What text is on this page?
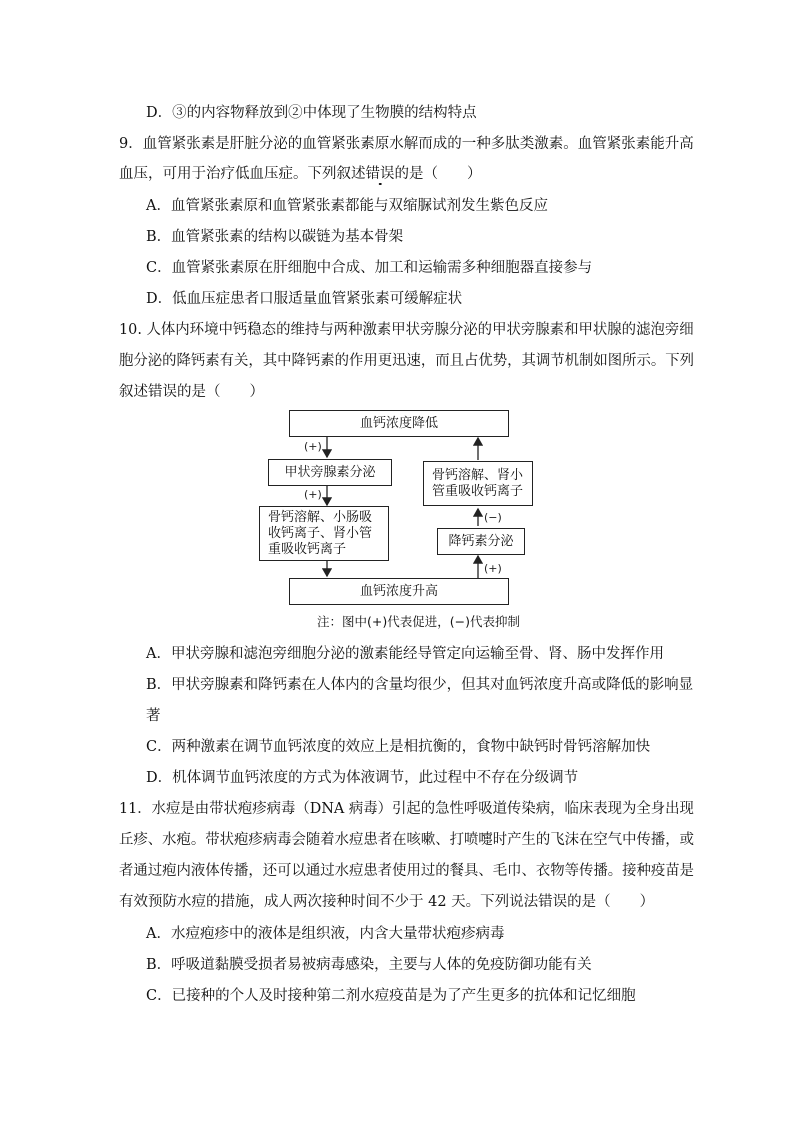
D．③的内容物释放到②中体现了生物膜的结构特点
9．血管紧张素是肝脏分泌的血管紧张素原水解而成的一种多肽类激素。血管紧张素能升高
血压，可用于治疗低血压症。下列叙述错误的是（　　）
A．血管紧张素原和血管紧张素都能与双缩脲试剂发生紫色反应
B．血管紧张素的结构以碳链为基本骨架
C．血管紧张素原在肝细胞中合成、加工和运输需多种细胞器直接参与
D．低血压症患者口服适量血管紧张素可缓解症状
10. 人体内环境中钙稳态的维持与两种激素甲状旁腺分泌的甲状旁腺素和甲状腺的滤泡旁细
胞分泌的降钙素有关，其中降钙素的作用更迅速，而且占优势，其调节机制如图所示。下列
叙述错误的是（　　）
血钙浓度降低
甲状旁腺素分泌
骨钙溶解、小肠吸
收钙离子、肾小管
重吸收钙离子
血钙浓度升高
降钙素分泌
骨钙溶解、肾小
管重吸收钙离子
(+)
(+)
(−)
(+)
注：图中(+)代表促进，(−)代表抑制
A．甲状旁腺和滤泡旁细胞分泌的激素能经导管定向运输至骨、肾、肠中发挥作用
B．甲状旁腺素和降钙素在人体内的含量均很少，但其对血钙浓度升高或降低的影响显
著
C．两种激素在调节血钙浓度的效应上是相抗衡的，食物中缺钙时骨钙溶解加快
D．机体调节血钙浓度的方式为体液调节，此过程中不存在分级调节
11．水痘是由带状疱疹病毒（DNA 病毒）引起的急性呼吸道传染病，临床表现为全身出现
丘疹、水疱。带状疱疹病毒会随着水痘患者在咳嗽、打喷嚏时产生的飞沫在空气中传播，或
者通过疱内液体传播，还可以通过水痘患者使用过的餐具、毛巾、衣物等传播。接种疫苗是
有效预防水痘的措施，成人两次接种时间不少于 42 天。下列说法错误的是（　　）
A．水痘疱疹中的液体是组织液，内含大量带状疱疹病毒
B．呼吸道黏膜受损者易被病毒感染，主要与人体的免疫防御功能有关
C．已接种的个人及时接种第二剂水痘疫苗是为了产生更多的抗体和记忆细胞
